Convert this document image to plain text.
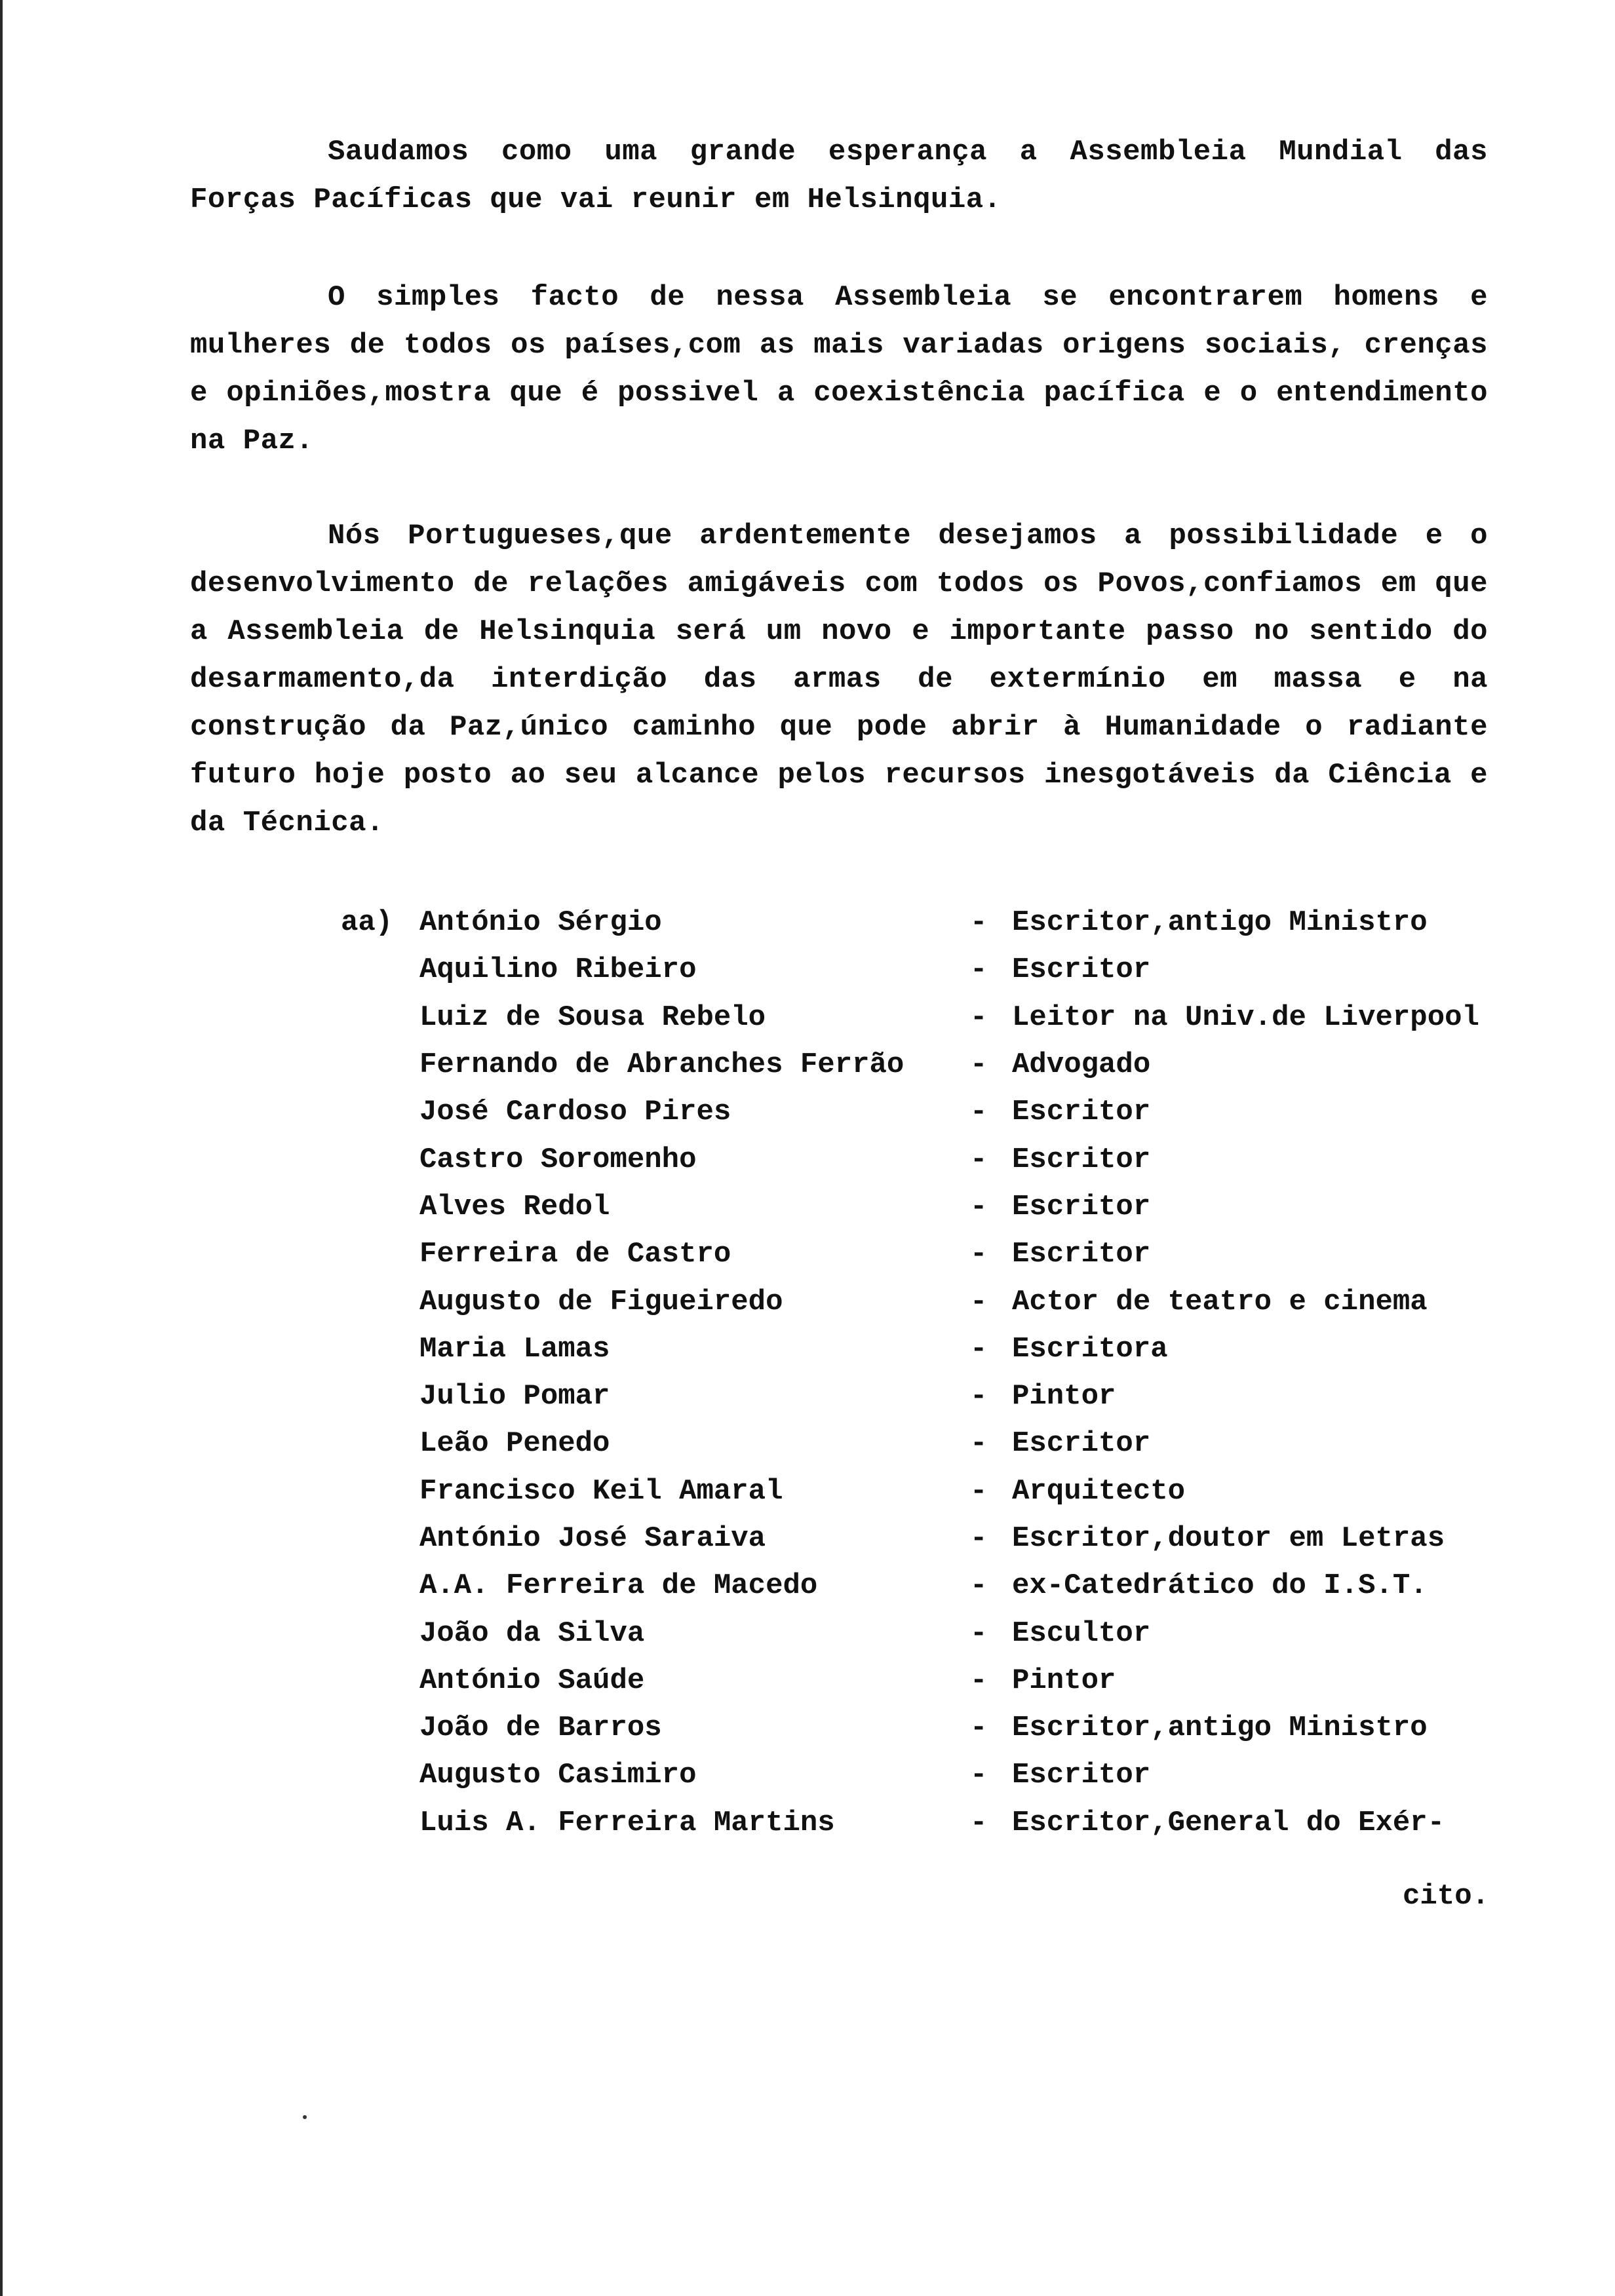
Saudamos como uma grande esperança a Assembleia Mundial das Forças Pacíficas que vai reunir em Helsinquia.

O simples facto de nessa Assembleia se encontrarem homens e mulheres de todos os países,com as mais variadas origens sociais, crenças e opiniões,mostra que é possivel a coexistência pacífica e o entendimento na Paz.

Nós Portugueses,que ardentemente desejamos a possibilidade e o desenvolvimento de relações amigáveis com todos os Povos,confiamos em que a Assembleia de Helsinquia será um novo e importante passo no sentido do desarmamento,da interdição das armas de extermínio em massa e na construção da Paz,único caminho que pode abrir à Humanidade o radiante futuro hoje posto ao seu alcance pelos recursos inesgotáveis da Ciência e da Técnica.

aa) António Sérgio	- Escritor,antigo Ministro
Aquilino Ribeiro	- Escritor
Luiz de Sousa Rebelo	- Leitor na Univ.de Liverpool
Fernando de Abranches Ferrão	- Advogado
José Cardoso Pires	- Escritor
Castro Soromenho	- Escritor
Alves Redol	- Escritor
Ferreira de Castro	- Escritor
Augusto de Figueiredo	- Actor de teatro e cinema
Maria Lamas	- Escritora
Julio Pomar	- Pintor
Leão Penedo	- Escritor
Francisco Keil Amaral	- Arquitecto
António José Saraiva	- Escritor,doutor em Letras
A.A. Ferreira de Macedo	- ex-Catedrático do I.S.T.
João da Silva	- Escultor
António Saúde	- Pintor
João de Barros	- Escritor,antigo Ministro
Augusto Casimiro	- Escritor
Luis A. Ferreira Martins	- Escritor,General do Exér-
cito.
